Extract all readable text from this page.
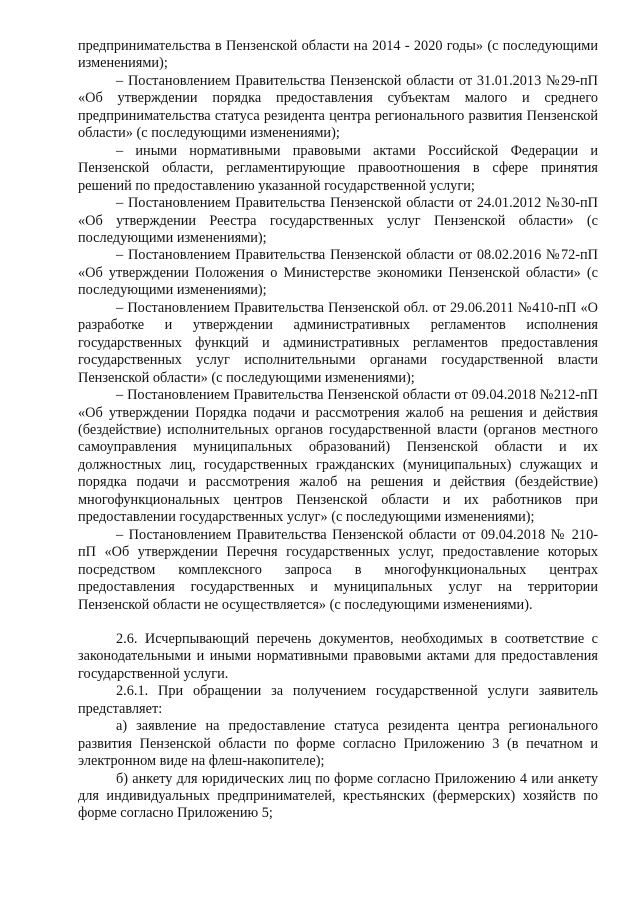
предпринимательства в Пензенской области на 2014 - 2020 годы» (с последующими изменениями);

– Постановлением Правительства Пензенской области от 31.01.2013 №29-пП «Об утверждении порядка предоставления субъектам малого и среднего предпринимательства статуса резидента центра регионального развития Пензенской области» (с последующими изменениями);

– иными нормативными правовыми актами Российской Федерации и Пензенской области, регламентирующие правоотношения в сфере принятия решений по предоставлению указанной государственной услуги;

– Постановлением Правительства Пензенской области от 24.01.2012 №30-пП «Об утверждении Реестра государственных услуг Пензенской области» (с последующими изменениями);

– Постановлением Правительства Пензенской области от 08.02.2016 №72-пП «Об утверждении Положения о Министерстве экономики Пензенской области» (с последующими изменениями);

– Постановлением Правительства Пензенской обл. от 29.06.2011 №410-пП «О разработке и утверждении административных регламентов исполнения государственных функций и административных регламентов предоставления государственных услуг исполнительными органами государственной власти Пензенской области» (с последующими изменениями);

– Постановлением Правительства Пензенской области от 09.04.2018 №212-пП «Об утверждении Порядка подачи и рассмотрения жалоб на решения и действия (бездействие) исполнительных органов государственной власти (органов местного самоуправления муниципальных образований) Пензенской области и их должностных лиц, государственных гражданских (муниципальных) служащих и порядка подачи и рассмотрения жалоб на решения и действия (бездействие) многофункциональных центров Пензенской области и их работников при предоставлении государственных услуг» (с последующими изменениями);

– Постановлением Правительства Пензенской области от 09.04.2018 № 210-пП «Об утверждении Перечня государственных услуг, предоставление которых посредством комплексного запроса в многофункциональных центрах предоставления государственных и муниципальных услуг на территории Пензенской области не осуществляется» (с последующими изменениями).

2.6. Исчерпывающий перечень документов, необходимых в соответствие с законодательными и иными нормативными правовыми актами для предоставления государственной услуги.

2.6.1. При обращении за получением государственной услуги заявитель представляет:

а) заявление на предоставление статуса резидента центра регионального развития Пензенской области по форме согласно Приложению 3 (в печатном и электронном виде на флеш-накопителе);

б) анкету для юридических лиц по форме согласно Приложению 4 или анкету для индивидуальных предпринимателей, крестьянских (фермерских) хозяйств по форме согласно Приложению 5;
